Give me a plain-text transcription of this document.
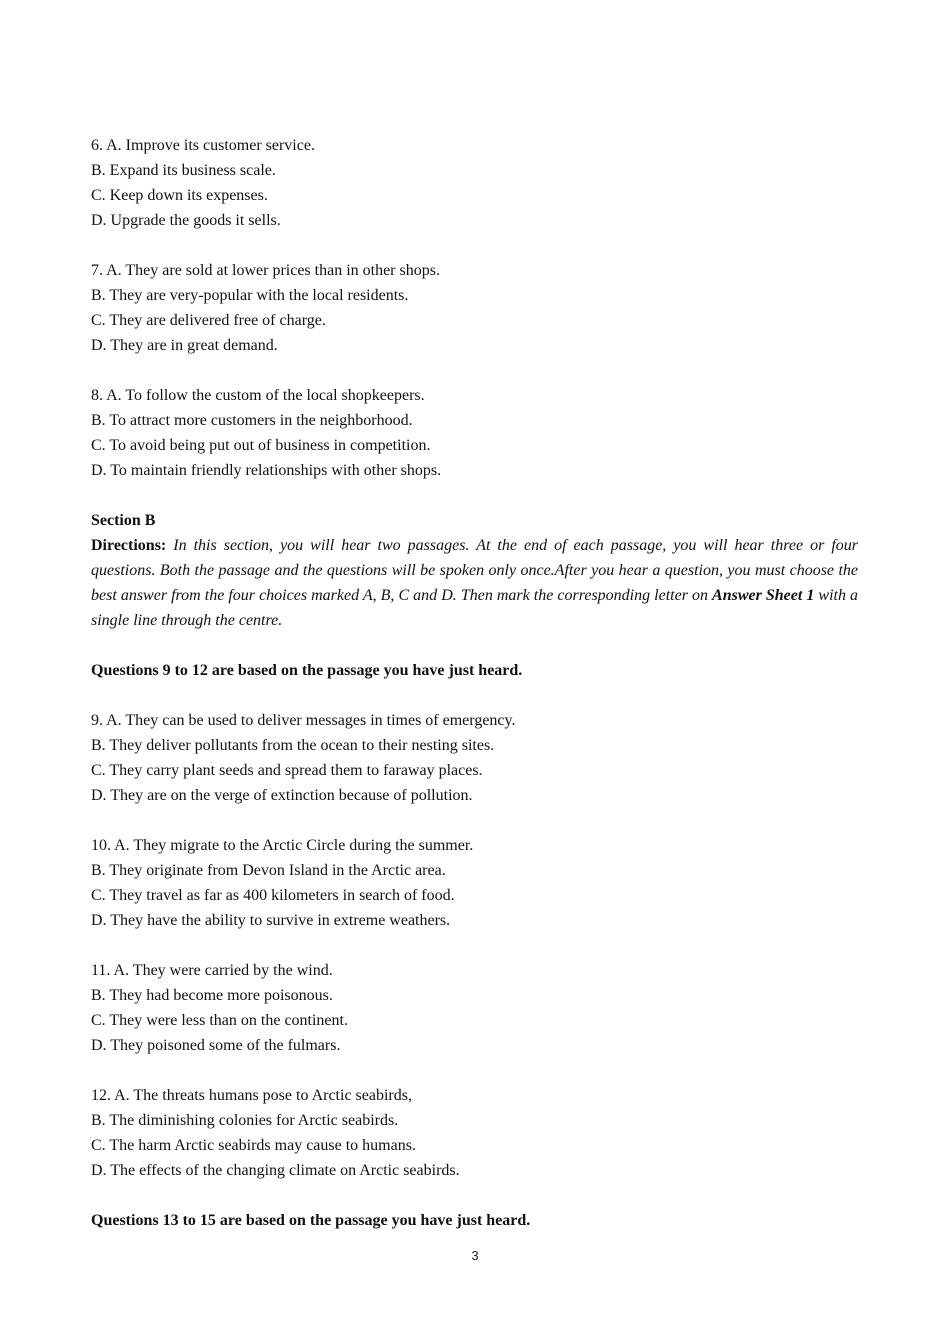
6. A. Improve its customer service.
B. Expand its business scale.
C. Keep down its expenses.
D. Upgrade the goods it sells.
7. A. They are sold at lower prices than in other shops.
B. They are very-popular with the local residents.
C. They are delivered free of charge.
D. They are in great demand.
8. A. To follow the custom of the local shopkeepers.
B. To attract more customers in the neighborhood.
C. To avoid being put out of business in competition.
D. To maintain friendly relationships with other shops.
Section B
Directions: In this section, you will hear two passages. At the end of each passage, you will hear three or four questions. Both the passage and the questions will be spoken only once.After you hear a question, you must choose the best answer from the four choices marked A, B, C and D. Then mark the corresponding letter on Answer Sheet 1 with a single line through the centre.
Questions 9 to 12 are based on the passage you have just heard.
9. A. They can be used to deliver messages in times of emergency.
B. They deliver pollutants from the ocean to their nesting sites.
C. They carry plant seeds and spread them to faraway places.
D. They are on the verge of extinction because of pollution.
10. A. They migrate to the Arctic Circle during the summer.
B. They originate from Devon Island in the Arctic area.
C. They travel as far as 400 kilometers in search of food.
D. They have the ability to survive in extreme weathers.
11. A. They were carried by the wind.
B. They had become more poisonous.
C. They were less than on the continent.
D. They poisoned some of the fulmars.
12. A. The threats humans pose to Arctic seabirds,
B. The diminishing colonies for Arctic seabirds.
C. The harm Arctic seabirds may cause to humans.
D. The effects of the changing climate on Arctic seabirds.
Questions 13 to 15 are based on the passage you have just heard.
3
